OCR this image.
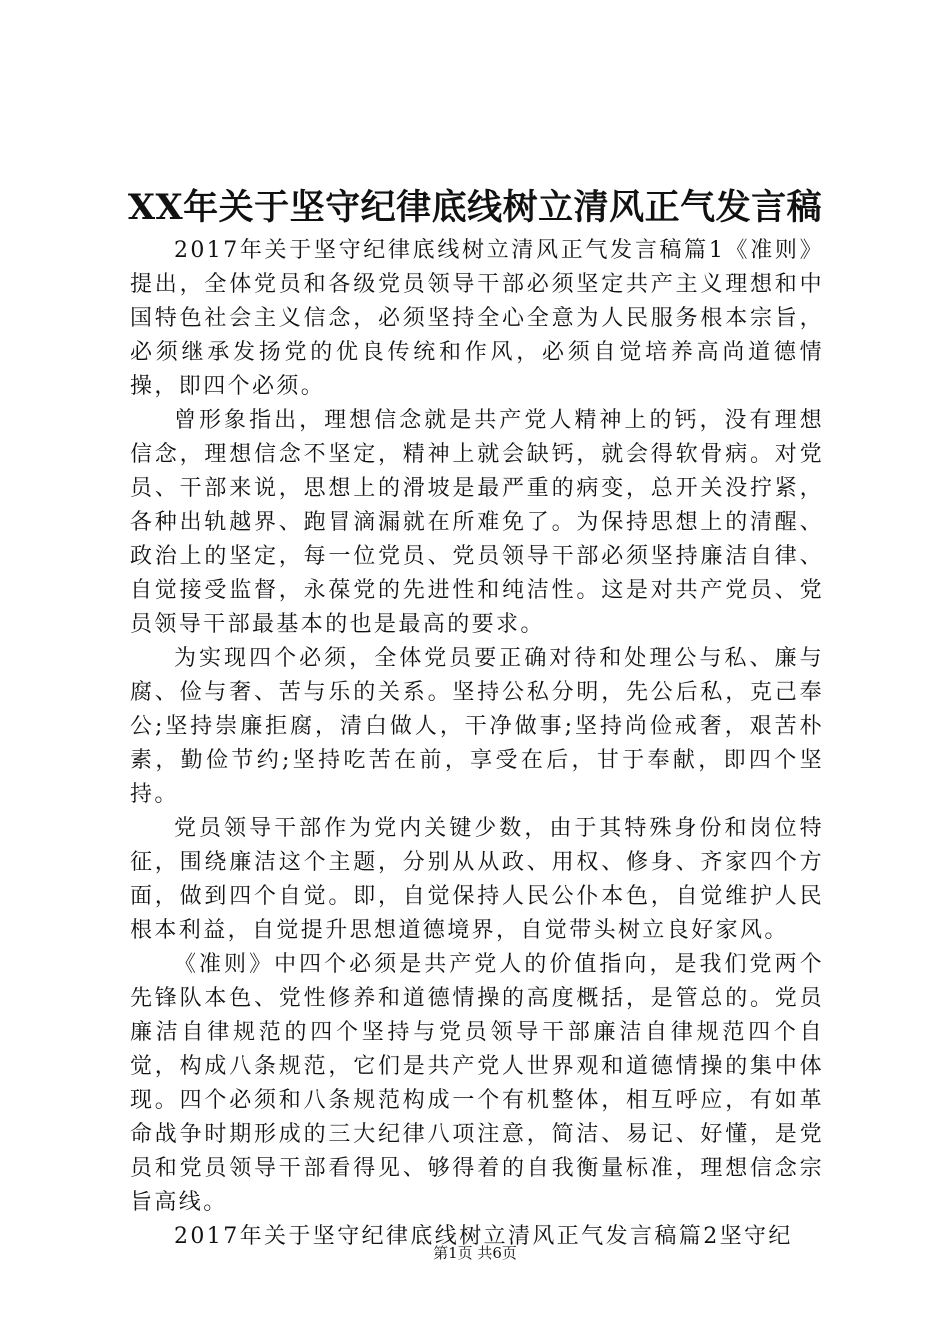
XX年关于坚守纪律底线树立清风正气发言稿

2017年关于坚守纪律底线树立清风正气发言稿篇1《准则》提出，全体党员和各级党员领导干部必须坚定共产主义理想和中国特色社会主义信念，必须坚持全心全意为人民服务根本宗旨，必须继承发扬党的优良传统和作风，必须自觉培养高尚道德情操，即四个必须。

曾形象指出，理想信念就是共产党人精神上的钙，没有理想信念，理想信念不坚定，精神上就会缺钙，就会得软骨病。对党员、干部来说，思想上的滑坡是最严重的病变，总开关没拧紧，各种出轨越界、跑冒滴漏就在所难免了。为保持思想上的清醒、政治上的坚定，每一位党员、党员领导干部必须坚持廉洁自律、自觉接受监督，永葆党的先进性和纯洁性。这是对共产党员、党员领导干部最基本的也是最高的要求。

为实现四个必须，全体党员要正确对待和处理公与私、廉与腐、俭与奢、苦与乐的关系。坚持公私分明，先公后私，克己奉公;坚持崇廉拒腐，清白做人，干净做事;坚持尚俭戒奢，艰苦朴素，勤俭节约;坚持吃苦在前，享受在后，甘于奉献，即四个坚持。

党员领导干部作为党内关键少数，由于其特殊身份和岗位特征，围绕廉洁这个主题，分别从从政、用权、修身、齐家四个方面，做到四个自觉。即，自觉保持人民公仆本色，自觉维护人民根本利益，自觉提升思想道德境界，自觉带头树立良好家风。

《准则》中四个必须是共产党人的价值指向，是我们党两个先锋队本色、党性修养和道德情操的高度概括，是管总的。党员廉洁自律规范的四个坚持与党员领导干部廉洁自律规范四个自觉，构成八条规范，它们是共产党人世界观和道德情操的集中体现。四个必须和八条规范构成一个有机整体，相互呼应，有如革命战争时期形成的三大纪律八项注意，简洁、易记、好懂，是党员和党员领导干部看得见、够得着的自我衡量标准，理想信念宗旨高线。

2017年关于坚守纪律底线树立清风正气发言稿篇2坚守纪

第1页 共6页
